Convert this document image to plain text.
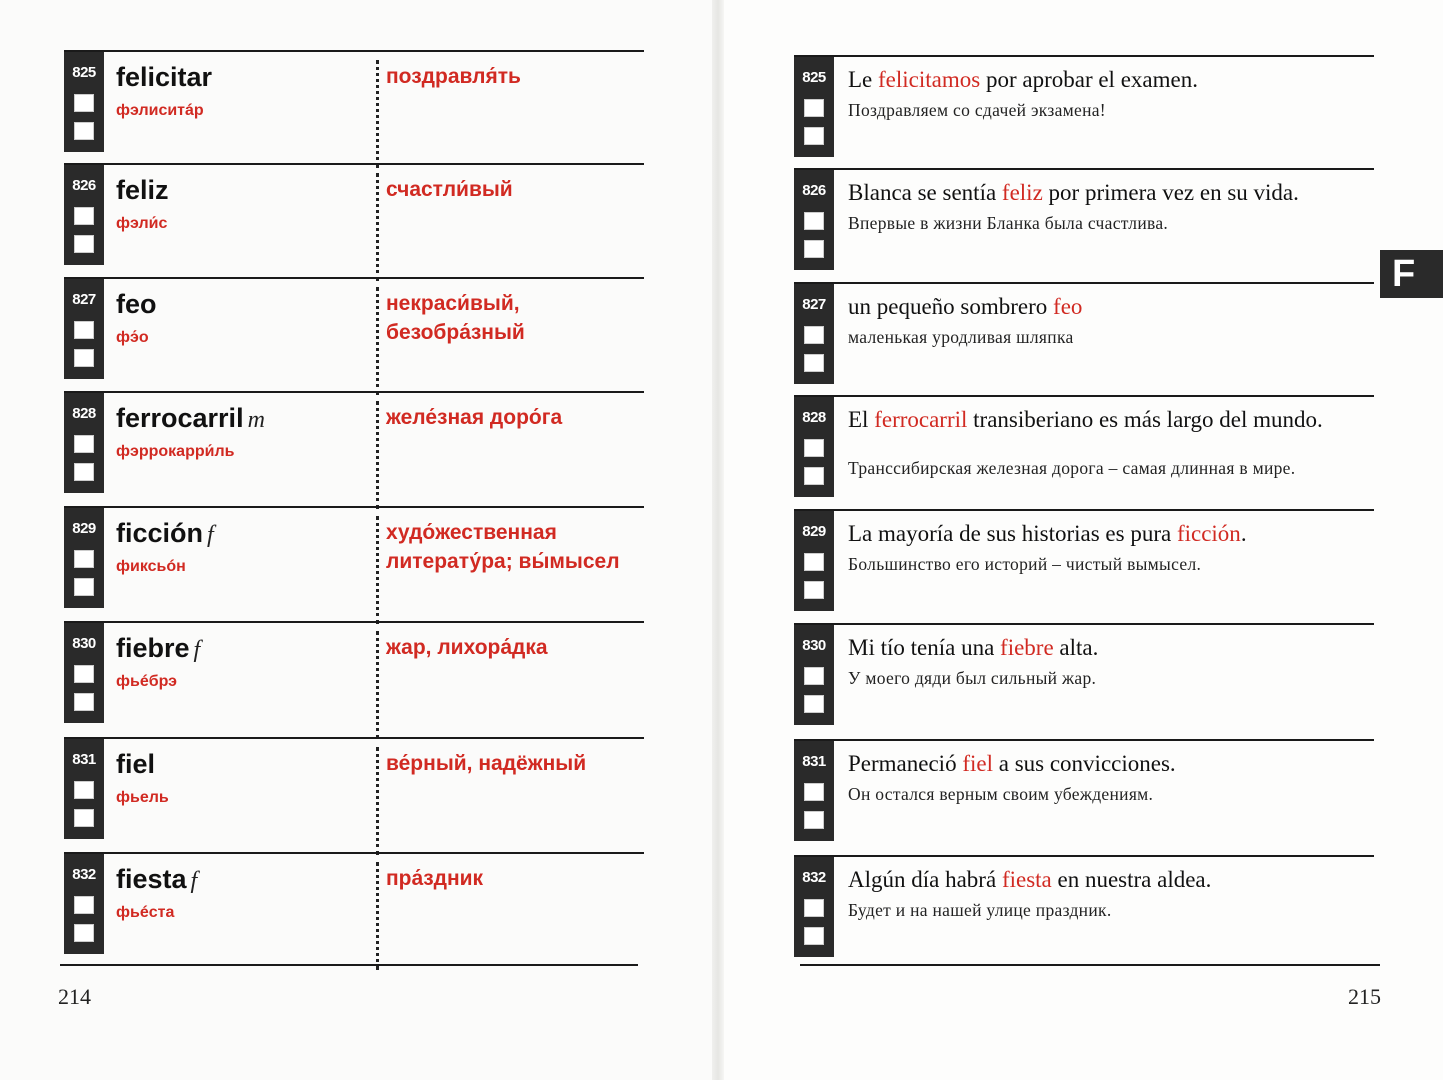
825 felicitar
фэлиситáр
поздравля́ть
826 feliz
фэли́с
счастли́вый
827 feo
фэ́о
некраси́вый, безобра́зный
828 ferrocarril m
фэррокарри́ль
желе́зная доро́га
829 ficción f
фиксьóн
худо́жественная литерату́ра; вы́мысел
830 fiebre f
фьéбрэ
жар, лихора́дка
831 fiel
фьель
ве́рный, надёжный
832 fiesta f
фьéста
пра́здник
825 Le felicitamos por aprobar el examen.
Поздравляем со сдачей экзамена!
826 Blanca se sentía feliz por primera vez en su vida.
Впервые в жизни Бланка была счастлива.
827 un pequeño sombrero feo
маленькая уродливая шляпка
828 El ferrocarril transiberiano es más largo del mundo.
Транссибирская железная дорога – самая длинная в мире.
829 La mayoría de sus historias es pura ficción.
Большинство его историй – чистый вымысел.
830 Mi tío tenía una fiebre alta.
У моего дяди был сильный жар.
831 Permaneció fiel a sus convicciones.
Он остался верным своим убеждениям.
832 Algún día habrá fiesta en nuestra aldea.
Будет и на нашей улице праздник.
214	215
F
